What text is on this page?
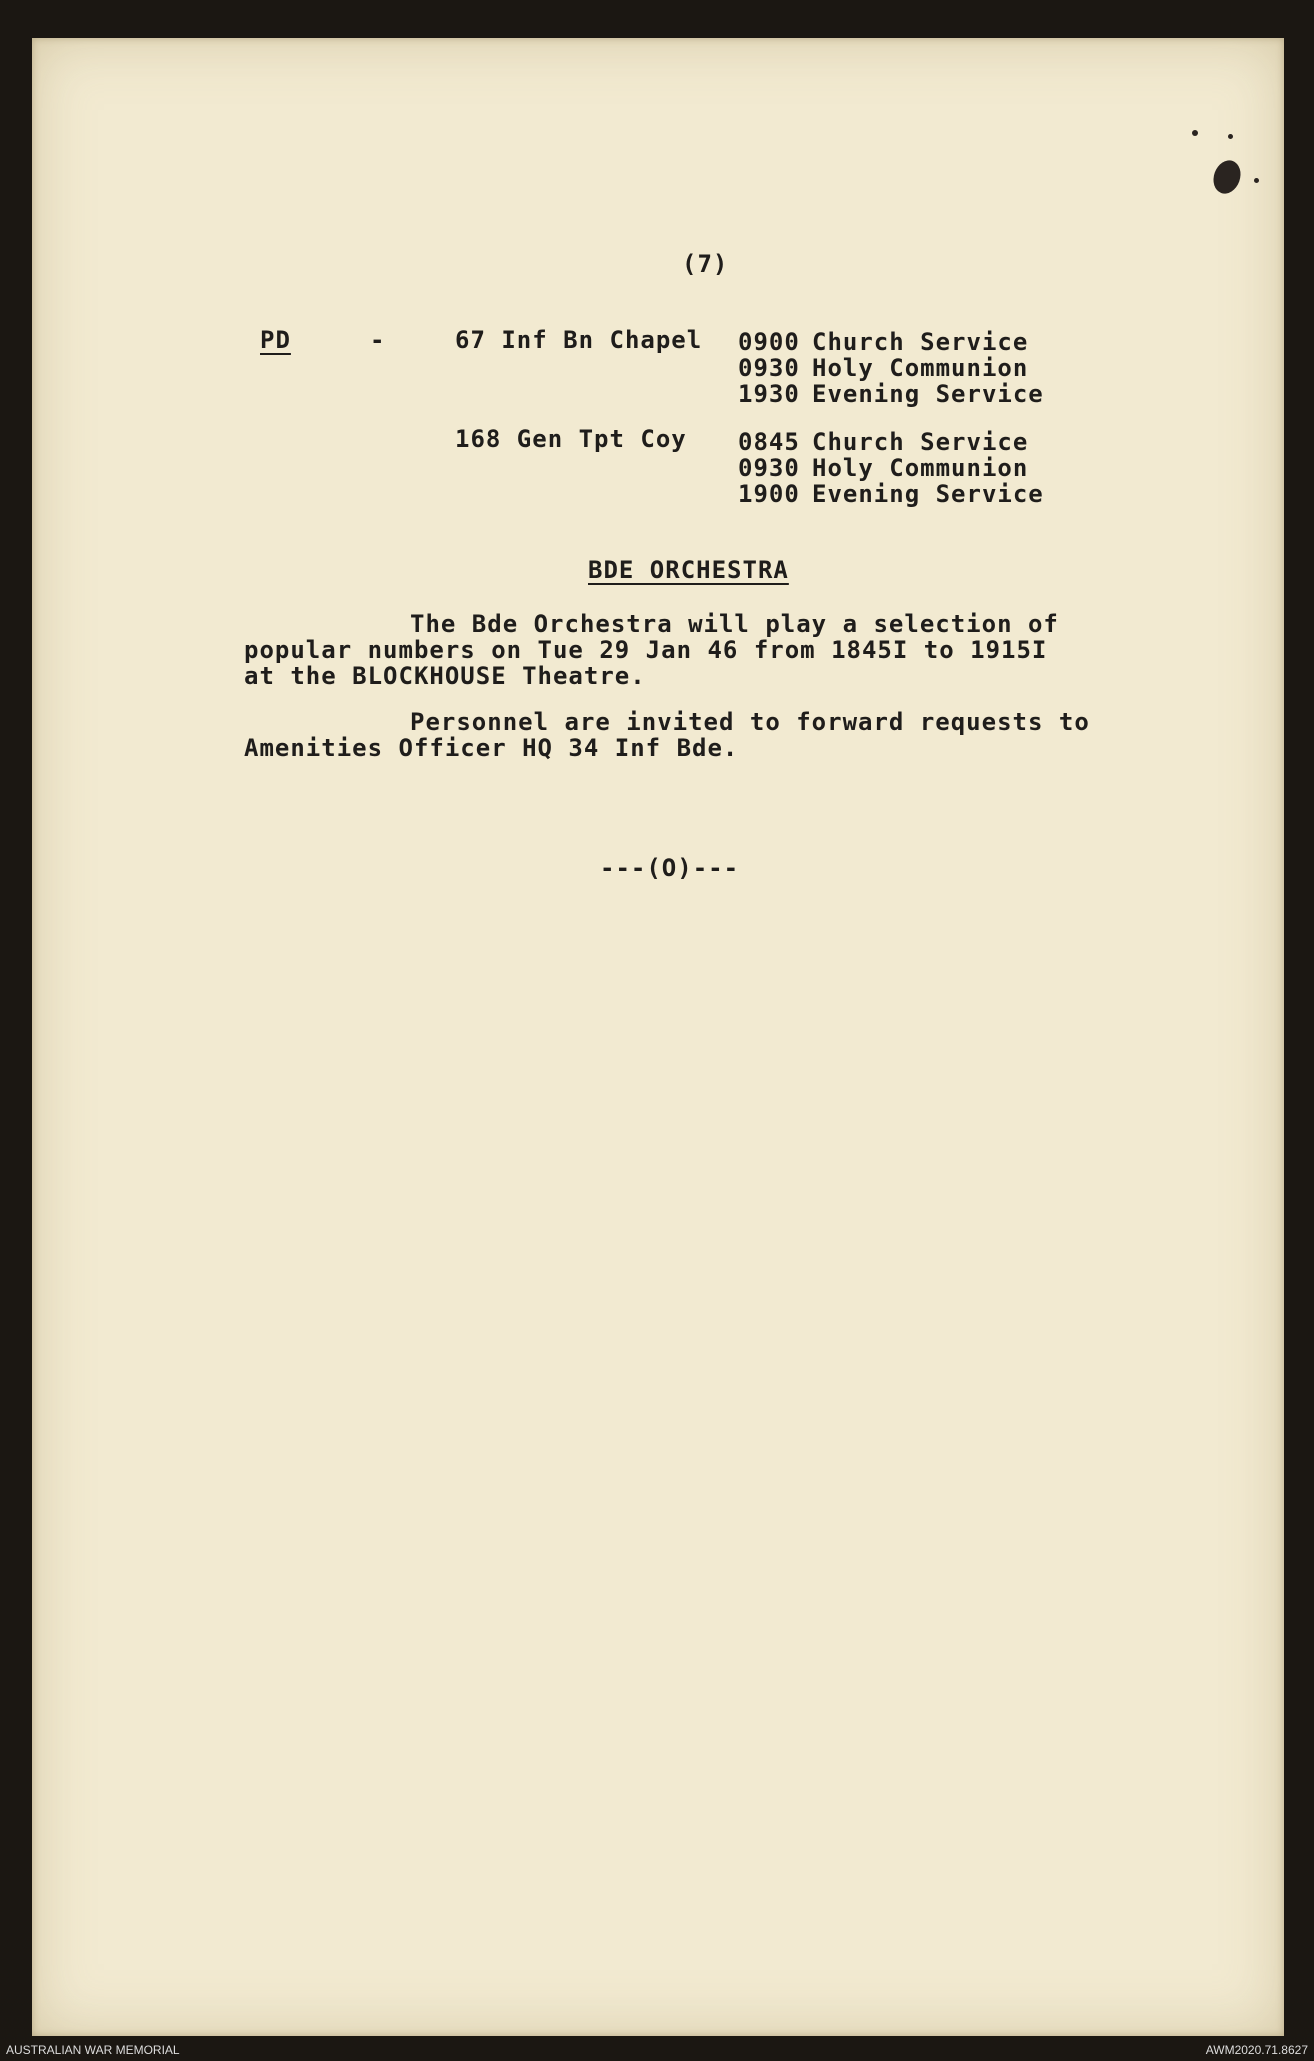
(7)
PD	-	67 Inf Bn Chapel 0900 Church Service
0930 Holy Communion
1930 Evening Service
168 Gen Tpt Coy 0845 Church Service
0930 Holy Communion
1900 Evening Service
BDE ORCHESTRA
The Bde Orchestra will play a selection of
popular numbers on Tue 29 Jan 46 from 1845I to 1915I
at the BLOCKHOUSE Theatre.
Personnel are invited to forward requests to
Amenities Officer HQ 34 Inf Bde.
---(O)---
AUSTRALIAN WAR MEMORIAL	AWM2020.71.8627
